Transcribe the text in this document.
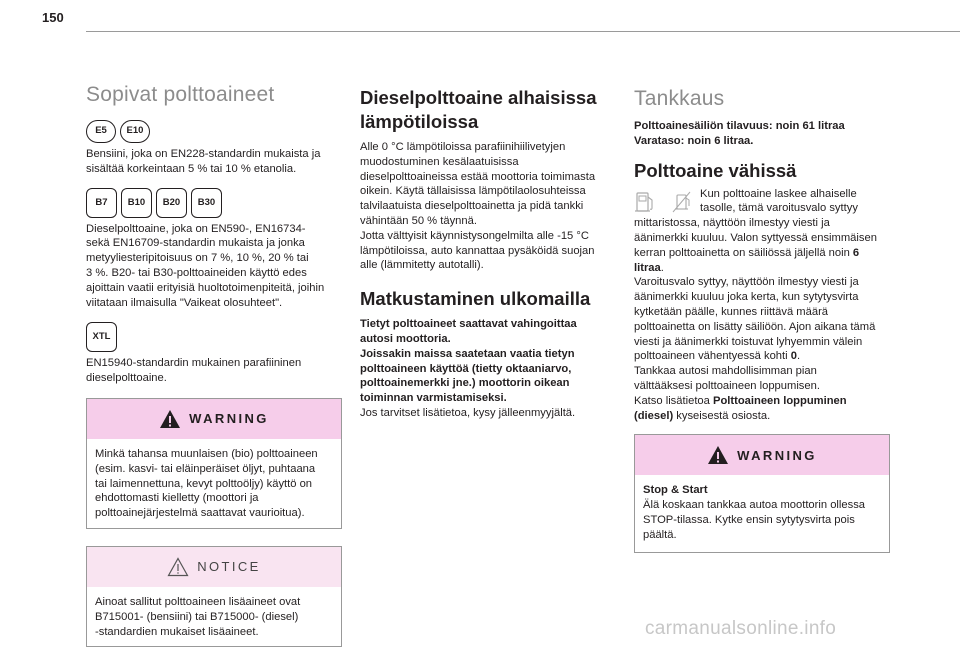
150
Sopivat polttoaineet
E5	E10
Bensiini, joka on EN228-standardin mukaista ja
sisältää korkeintaan 5 % tai 10 % etanolia.
B7	B10	B20	B30
Dieselpolttoaine, joka on EN590-, EN16734-
sekä EN16709-standardin mukaista ja jonka
metyyliesteripitoisuus on 7 %, 10 %, 20 % tai
3 %. B20- tai B30-polttoaineiden käyttö edes
ajoittain vaatii erityisiä huoltotoimenpiteitä, joihin
viitataan ilmaisulla "Vaikeat olosuhteet".
XTL
EN15940-standardin mukainen parafiininen
dieselpolttoaine.
WARNING
Minkä tahansa muunlaisen (bio) polttoaineen
(esim. kasvi- tai eläinperäiset öljyt, puhtaana
tai laimennettuna, kevyt polttoöljy) käyttö on
ehdottomasti kielletty (moottori ja
polttoainejärjestelmä saattavat vaurioitua).
NOTICE
Ainoat sallitut polttoaineen lisäaineet ovat
B715001- (bensiini) tai B715000- (diesel)
-standardien mukaiset lisäaineet.
Dieselpolttoaine alhaisissa lämpötiloissa
Alle 0 °C lämpötiloissa parafiinihiilivetyjen
muodostuminen kesälaatuisissa
dieselpolttoaineissa estää moottoria toimimasta
oikein. Käytä tällaisissa lämpötilaolosuhteissa
talvilaatuista dieselpolttoainetta ja pidä tankki
vähintään 50 % täynnä.
Jotta välttyisit käynnistysongelmilta alle -15 °C
lämpötiloissa, auto kannattaa pysäköidä suojan
alle (lämmitetty autotalli).
Matkustaminen ulkomailla
Tietyt polttoaineet saattavat vahingoittaa
autosi moottoria.
Joissakin maissa saatetaan vaatia tietyn
polttoaineen käyttöä (tietty oktaaniarvo,
polttoainemerkki jne.) moottorin oikean
toiminnan varmistamiseksi.
Jos tarvitset lisätietoa, kysy jälleenmyyjältä.
Tankkaus
Polttoainesäiliön tilavuus: noin 61 litraa
Varataso: noin 6 litraa.
Polttoaine vähissä
Kun polttoaine laskee alhaiselle
tasolle, tämä varoitusvalo syttyy
mittaristossa, näyttöön ilmestyy viesti ja
äänimerkki kuuluu. Valon syttyessä ensimmäisen
kerran polttoainetta on säiliössä jäljellä noin 6
litraa.
Varoitusvalo syttyy, näyttöön ilmestyy viesti ja
äänimerkki kuuluu joka kerta, kun sytytysvirta
kytketään päälle, kunnes riittävä määrä
polttoainetta on lisätty säiliöön. Ajon aikana tämä
viesti ja äänimerkki toistuvat lyhyemmin välein
polttoaineen vähentyessä kohti 0.
Tankkaa autosi mahdollisimman pian
välttääksesi polttoaineen loppumisen.
Katso lisätietoa Polttoaineen loppuminen
(diesel) kyseisestä osiosta.
WARNING
Stop & Start
Älä koskaan tankkaa autoa moottorin ollessa
STOP-tilassa. Kytke ensin sytytysvirta pois
päältä.
carmanualsonline.info
